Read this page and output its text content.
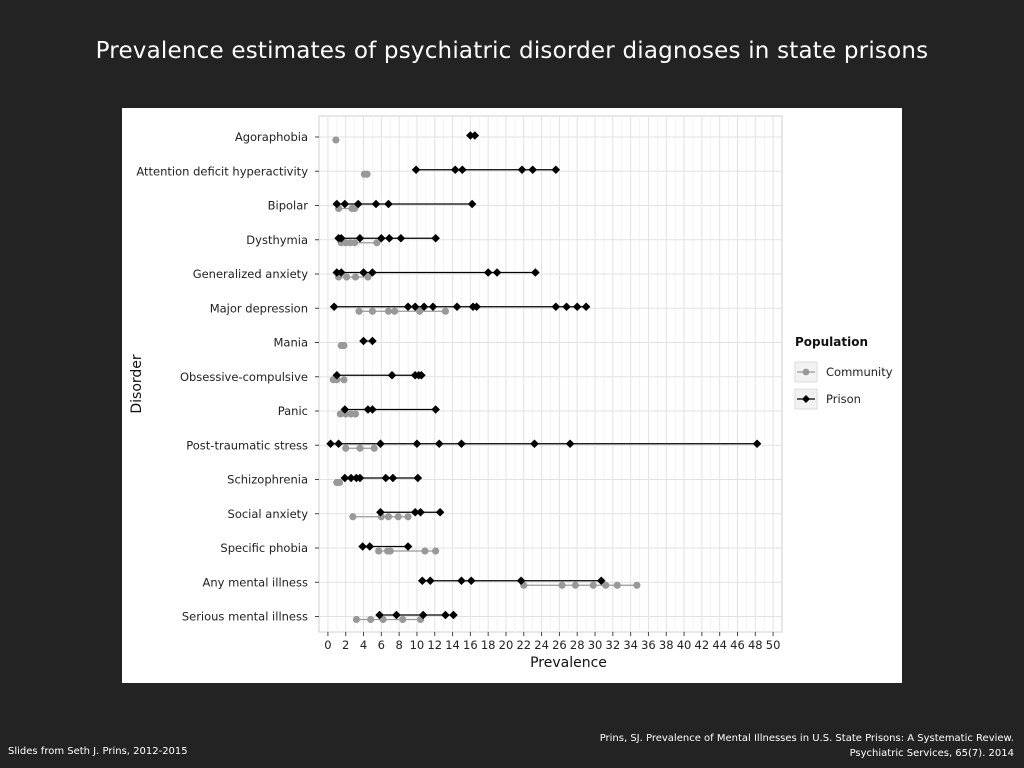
Prevalence estimates of psychiatric disorder diagnoses in state prisons
0 2 4 6 8 10 12 14 16 18 20 22 24 26 28 30 32 34 36 38 40 42 44 46 48 50
Prevalence
Agoraphobia
Attention deficit hyperactivity
Bipolar
Dysthymia
Generalized anxiety
Major depression
Mania
Obsessive-compulsive
Panic
Post-traumatic stress
Schizophrenia
Social anxiety
Specific phobia
Any mental illness
Serious mental illness
Disorder
Population
Community
Prison
Slides from Seth J. Prins, 2012-2015
Prins, SJ. Prevalence of Mental Illnesses in U.S. State Prisons: A Systematic Review.
Psychiatric Services, 65(7). 2014
